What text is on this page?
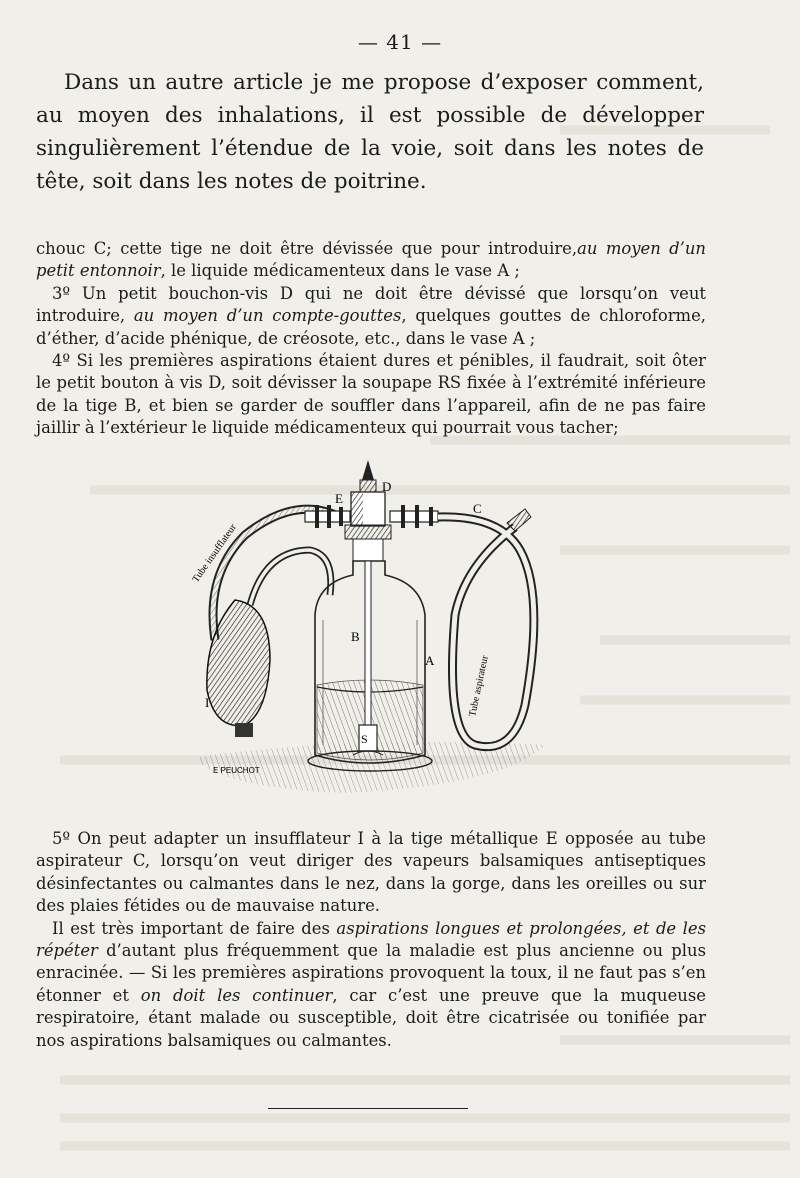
— 41 —

Dans un autre article je me propose d’exposer comment, au moyen des inhalations, il est possible de développer singulièrement l’étendue de la voie, soit dans les notes de tête, soit dans les notes de poitrine.

chouc C; cette tige ne doit être dévissée que pour introduire,au moyen d’un petit entonnoir, le liquide médicamenteux dans le vase A ;

3º Un petit bouchon-vis D qui ne doit être dévissé que lorsqu’on veut introduire, au moyen d’un compte-gouttes, quelques gouttes de chloroforme, d’éther, d’acide phénique, de créosote, etc., dans le vase A ;

4º Si les premières aspirations étaient dures et pénibles, il faudrait, soit ôter le petit bouton à vis D, soit dévisser la soupape RS fixée à l’extrémité inférieure de la tige B, et bien se garder de souffler dans l’appareil, afin de ne pas faire jaillir à l’extérieur le liquide médicamenteux qui pourrait vous tacher;

E
D
C
B
A
I
S
Tube insufflateur
Tube aspirateur
E PEUCHOT

5º On peut adapter un insufflateur I à la tige métallique E opposée au tube aspirateur C, lorsqu’on veut diriger des vapeurs balsamiques antiseptiques désinfectantes ou calmantes dans le nez, dans la gorge, dans les oreilles ou sur des plaies fétides ou de mauvaise nature.

Il est très important de faire des aspirations longues et prolongées, et de les répéter d’autant plus fréquemment que la maladie est plus ancienne ou plus enracinée. — Si les premières aspirations provoquent la toux, il ne faut pas s’en étonner et on doit les continuer, car c’est une preuve que la muqueuse respiratoire, étant malade ou susceptible, doit être cicatrisée ou tonifiée par nos aspirations balsamiques ou calmantes.
